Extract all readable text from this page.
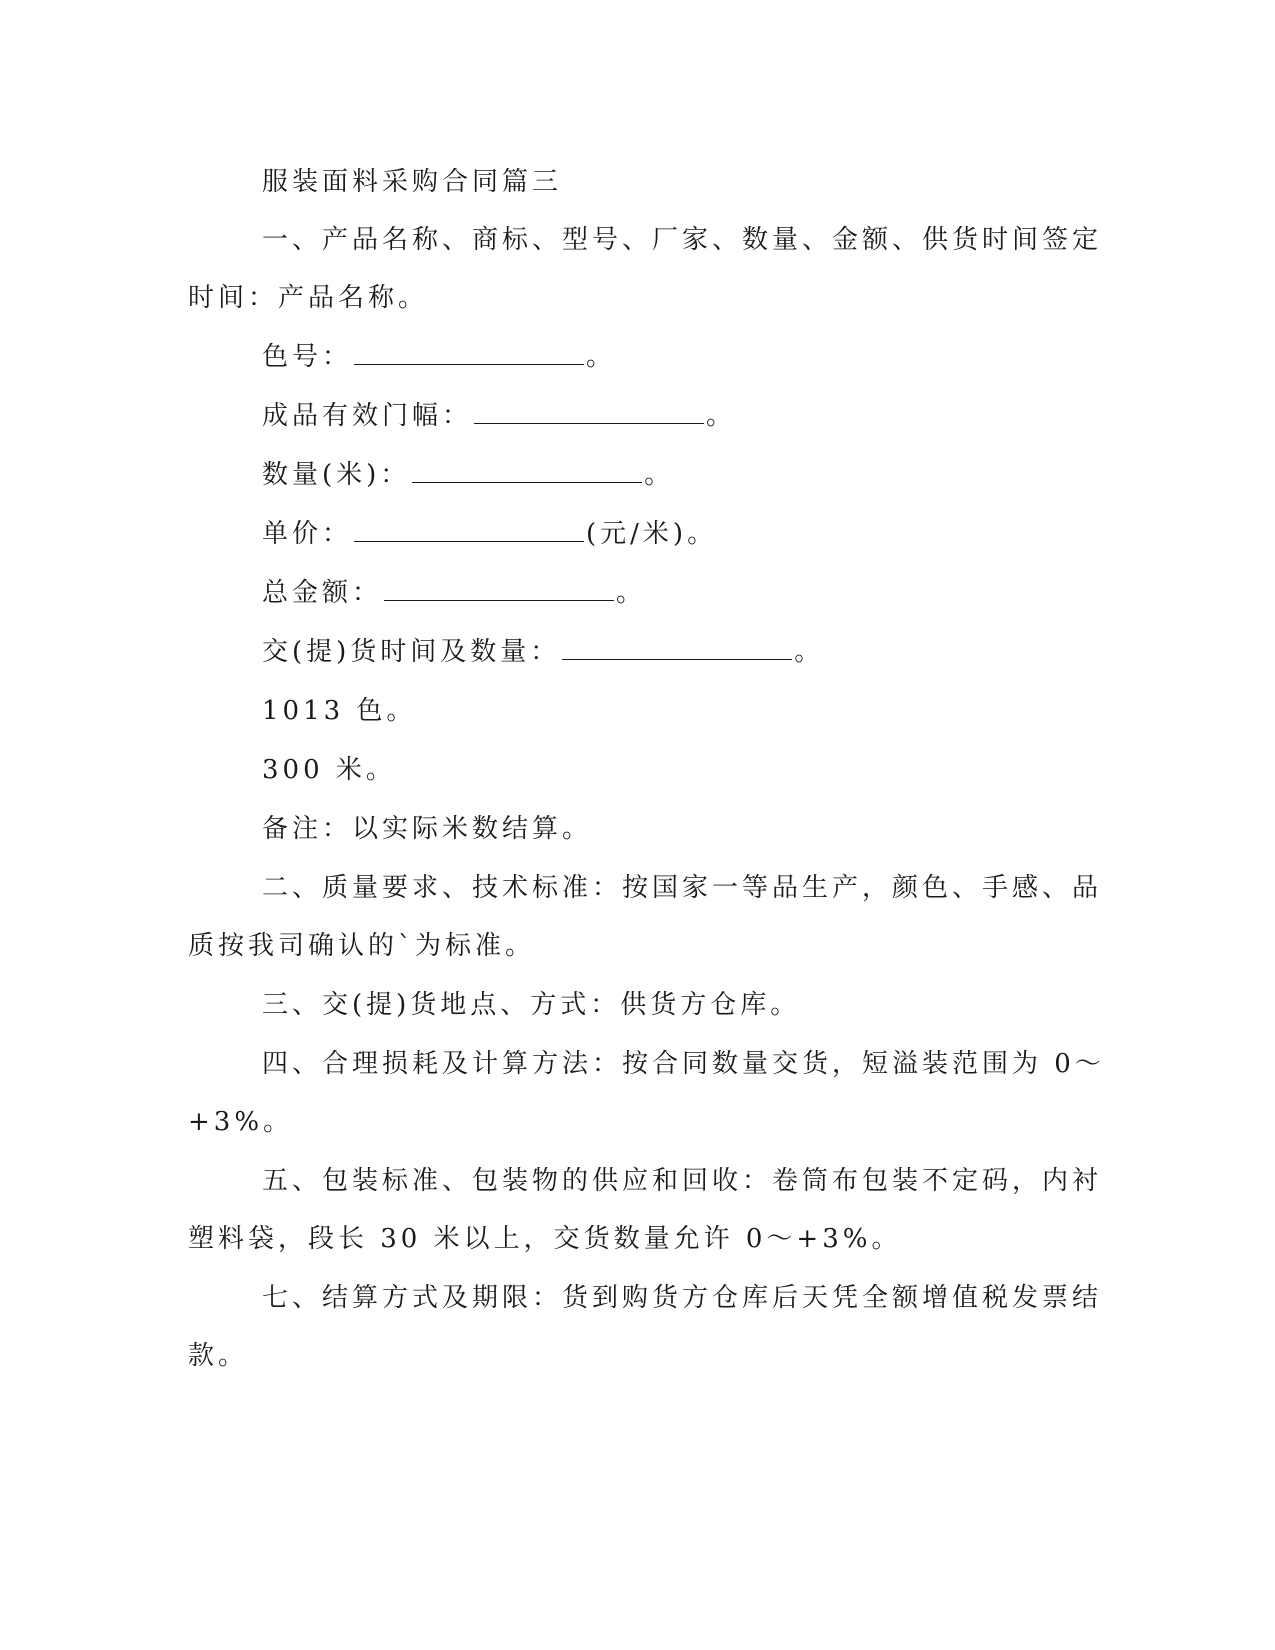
服装面料采购合同篇三
一、产品名称、商标、型号、厂家、数量、金额、供货时间签定
时间：产品名称。
色号：	。
成品有效门幅：	。
数量(米)：	。
单价：	(元/米)。
总金额：	。
交(提)货时间及数量：	。
1013 色。
300 米。
备注：以实际米数结算。
二、质量要求、技术标准：按国家一等品生产，颜色、手感、品
质按我司确认的`为标准。
三、交(提)货地点、方式：供货方仓库。
四、合理损耗及计算方法：按合同数量交货，短溢装范围为 0～
+3%。
五、包装标准、包装物的供应和回收：卷筒布包装不定码，内衬
塑料袋，段长 30 米以上，交货数量允许 0～+3%。
七、结算方式及期限：货到购货方仓库后天凭全额增值税发票结
款。
